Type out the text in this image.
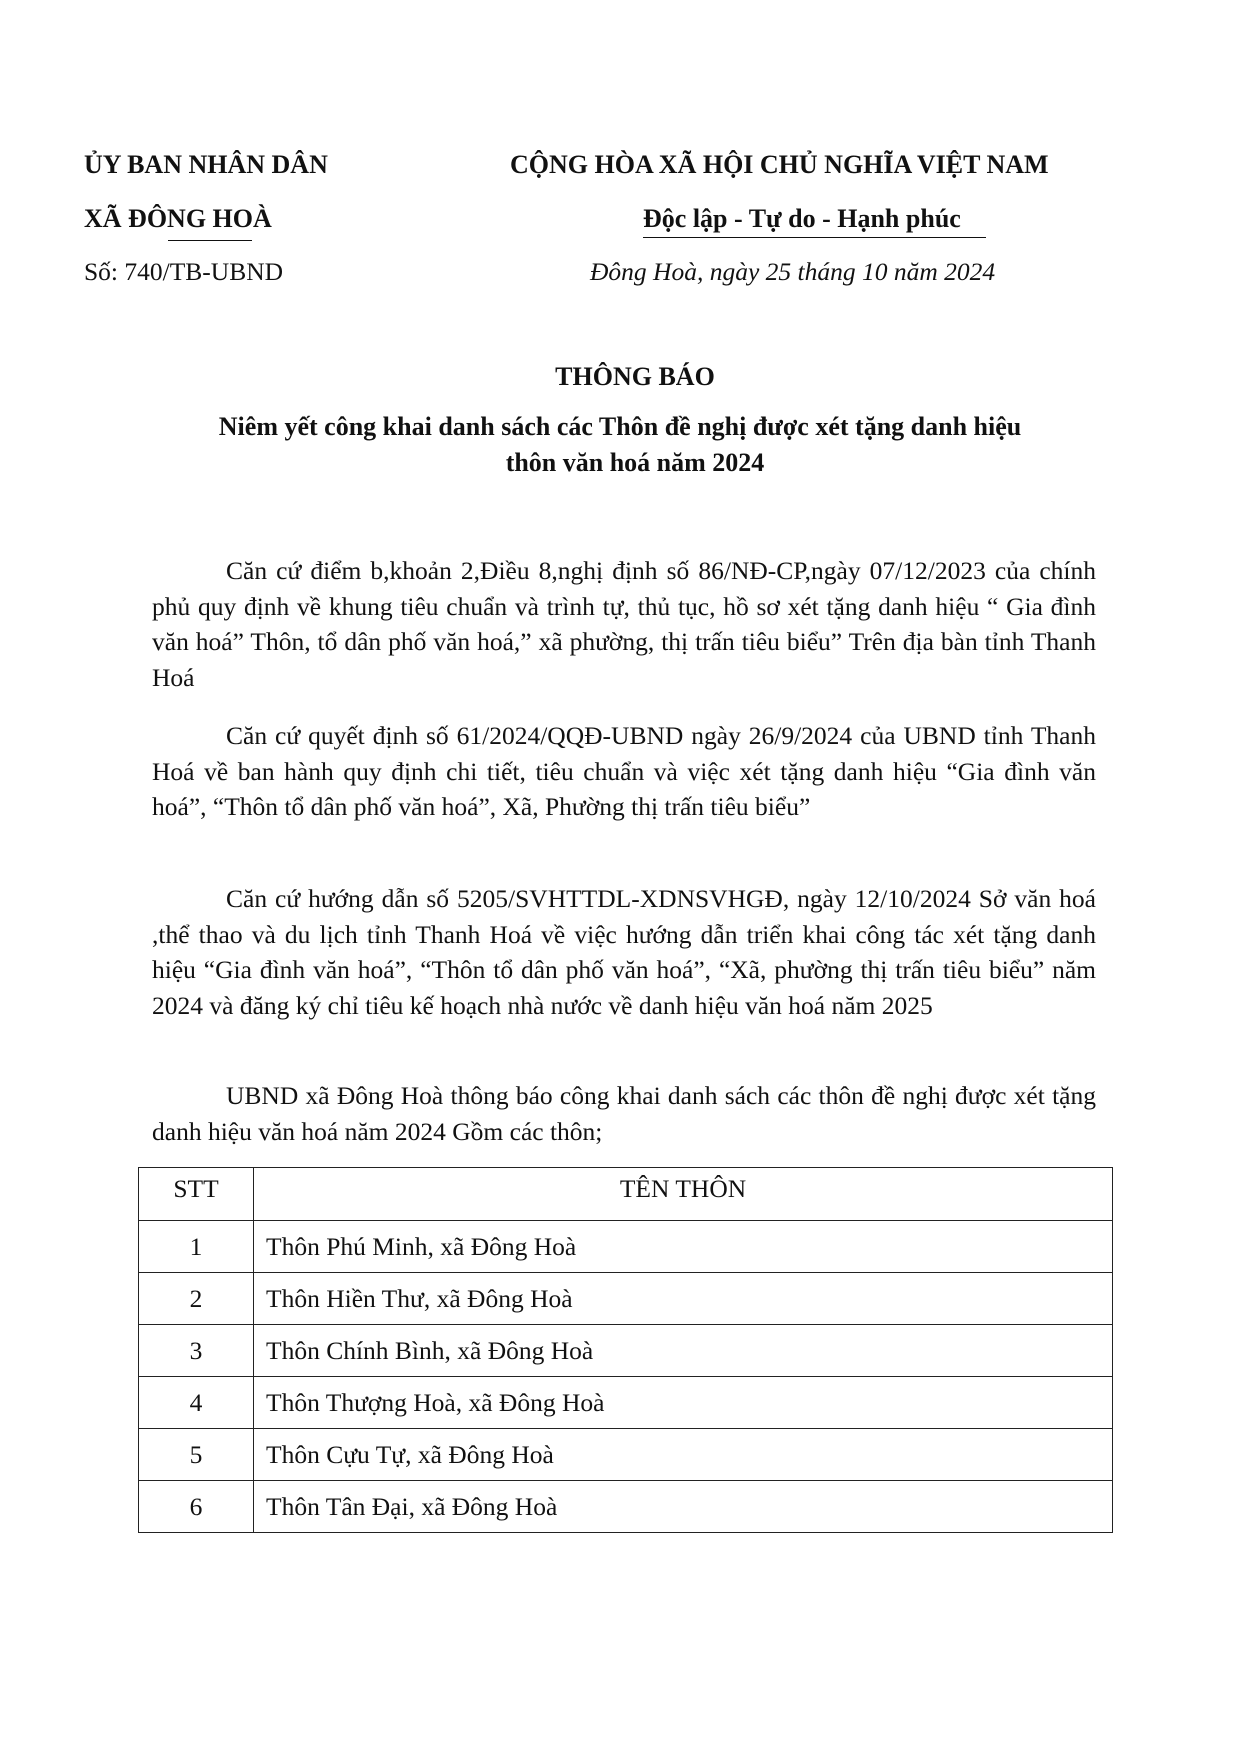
ỦY BAN NHÂN DÂN
XÃ ĐÔNG HOÀ
Số: 740/TB-UBND
CỘNG HÒA XÃ HỘI CHỦ NGHĨA VIỆT NAM
Độc lập - Tự do - Hạnh phúc
Đông Hoà, ngày 25 tháng 10 năm 2024
THÔNG BÁO
Niêm yết công khai danh sách các Thôn đề nghị được xét tặng danh hiệu
thôn văn hoá năm 2024

Căn cứ điểm b,khoản 2,Điều 8,nghị định số 86/NĐ-CP,ngày 07/12/2023 của chính phủ quy định về khung tiêu chuẩn và trình tự, thủ tục, hồ sơ xét tặng danh hiệu “ Gia đình văn hoá” Thôn, tổ dân phố văn hoá,” xã phường, thị trấn tiêu biểu” Trên địa bàn tỉnh Thanh Hoá

Căn cứ quyết định số 61/2024/QQĐ-UBND ngày 26/9/2024 của UBND tỉnh Thanh Hoá về ban hành quy định chi tiết, tiêu chuẩn và việc xét tặng danh hiệu “Gia đình văn hoá”, “Thôn tổ dân phố văn hoá”, Xã, Phường thị trấn tiêu biểu”

Căn cứ hướng dẫn số 5205/SVHTTDL-XDNSVHGĐ, ngày 12/10/2024 Sở văn hoá ,thể thao và du lịch tỉnh Thanh Hoá về việc hướng dẫn triển khai công tác xét tặng danh hiệu “Gia đình văn hoá”, “Thôn tổ dân phố văn hoá”, “Xã, phường thị trấn tiêu biểu” năm 2024 và đăng ký chỉ tiêu kế hoạch nhà nước về danh hiệu văn hoá năm 2025

UBND xã Đông Hoà thông báo công khai danh sách các thôn đề nghị được xét tặng danh hiệu văn hoá năm 2024 Gồm các thôn;

STT	TÊN THÔN
1	Thôn Phú Minh, xã Đông Hoà
2	Thôn Hiền Thư, xã Đông Hoà
3	Thôn Chính Bình, xã Đông Hoà
4	Thôn Thượng Hoà, xã Đông Hoà
5	Thôn Cựu Tự, xã Đông Hoà
6	Thôn Tân Đại, xã Đông Hoà
